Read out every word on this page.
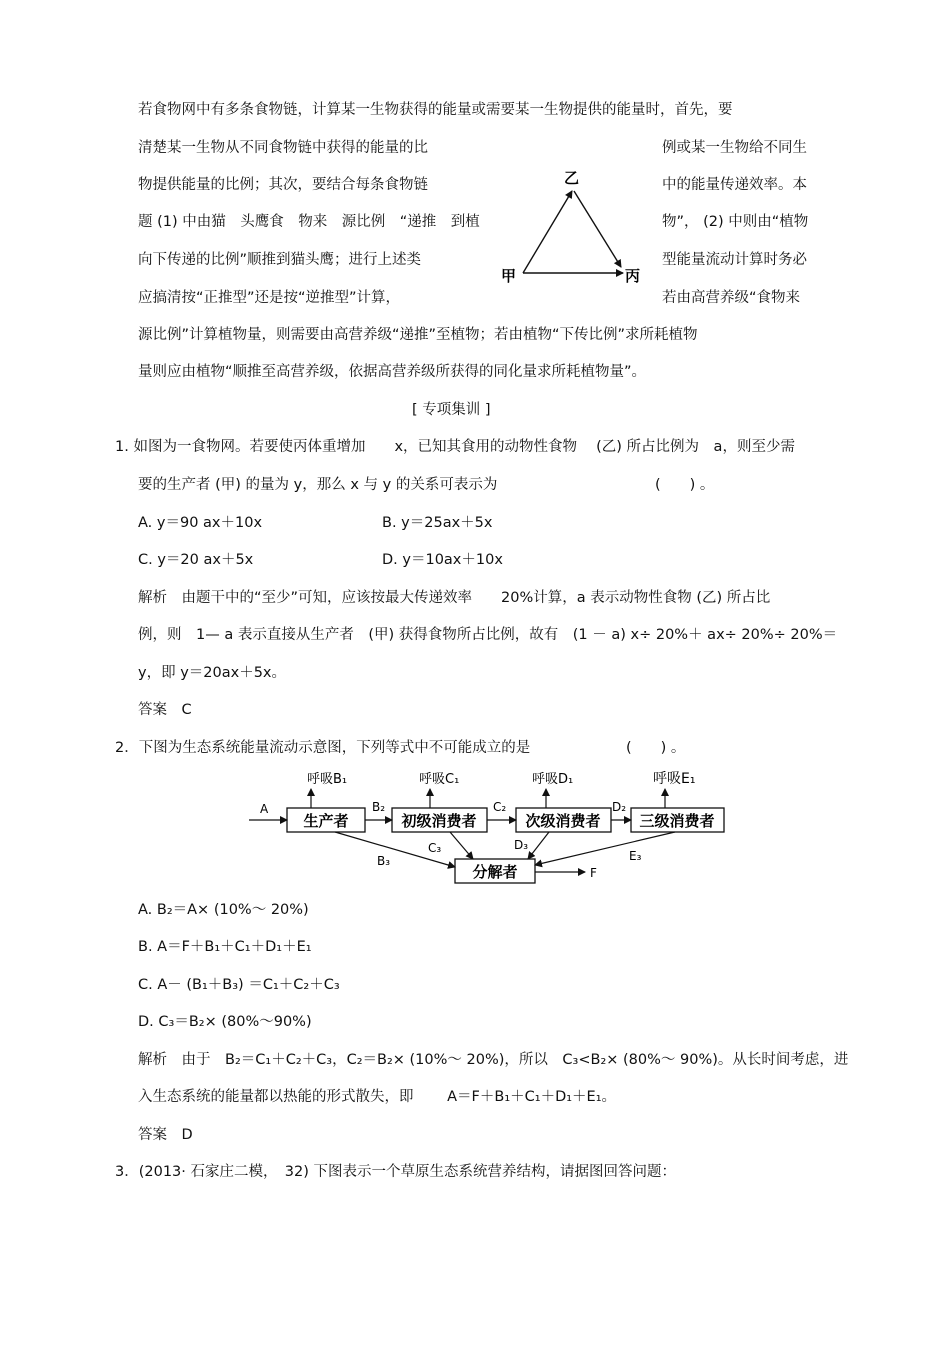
若食物网中有多条食物链，计算某一生物获得的能量或需要某一生物提供的能量时，首先，要
清楚某一生物从不同食物链中获得的能量的比
物提供能量的比例；其次，要结合每条食物链
题 (1) 中由猫　头鹰食　物来　源比例　“递推　到植
向下传递的比例”顺推到猫头鹰；进行上述类
应搞清按“正推型”还是按“逆推型”计算，
例或某一生物给不同生
中的能量传递效率。本
物”， (2) 中则由“植物
型能量流动计算时务必
若由高营养级“食物来
乙
甲	丙
源比例”计算植物量，则需要由高营养级“递推”至植物；若由植物“下传比例”求所耗植物
量则应由植物“顺推至高营养级，依据高营养级所获得的同化量求所耗植物量”。
[ 专项集训 ]
1. 如图为一食物网。若要使丙体重增加　　x，已知其食用的动物性食物　 (乙) 所占比例为　a，则至少需
要的生产者 (甲) 的量为 y，那么 x 与 y 的关系可表示为	(　　) 。
A. y＝90 ax＋10x	B. y＝25ax＋5x
C. y＝20 ax＋5x	D. y＝10ax＋10x
解析　由题干中的“至少”可知，应该按最大传递效率　　20%计算，a 表示动物性食物 (乙) 所占比
例，则　1— a 表示直接从生产者　(甲) 获得食物所占比例，故有　(1 － a) x÷ 20%＋ ax÷ 20%÷ 20%＝
y，即 y＝20ax＋5x。
答案　C
2．下图为生态系统能量流动示意图，下列等式中不可能成立的是	(　　) 。
生产者	初级消费者	次级消费者	三级消费者
分解者
呼吸B₁	呼吸C₁	呼吸D₁	呼吸E₁
A	B₂	C₂	D₂
B₃
C₃	D₃
E₃
F
A. B₂＝A× (10%～ 20%)
B. A＝F＋B₁＋C₁＋D₁＋E₁
C. A－ (B₁＋B₃) ＝C₁＋C₂＋C₃
D. C₃＝B₂× (80%～90%)
解析　由于　B₂＝C₁＋C₂＋C₃，C₂＝B₂× (10%～ 20%)，所以　C₃<B₂× (80%～ 90%)。从长时间考虑，进
入生态系统的能量都以热能的形式散失，即　　 A＝F＋B₁＋C₁＋D₁＋E₁。
答案　D
3．(2013· 石家庄二模，　32) 下图表示一个草原生态系统营养结构，请据图回答问题：
